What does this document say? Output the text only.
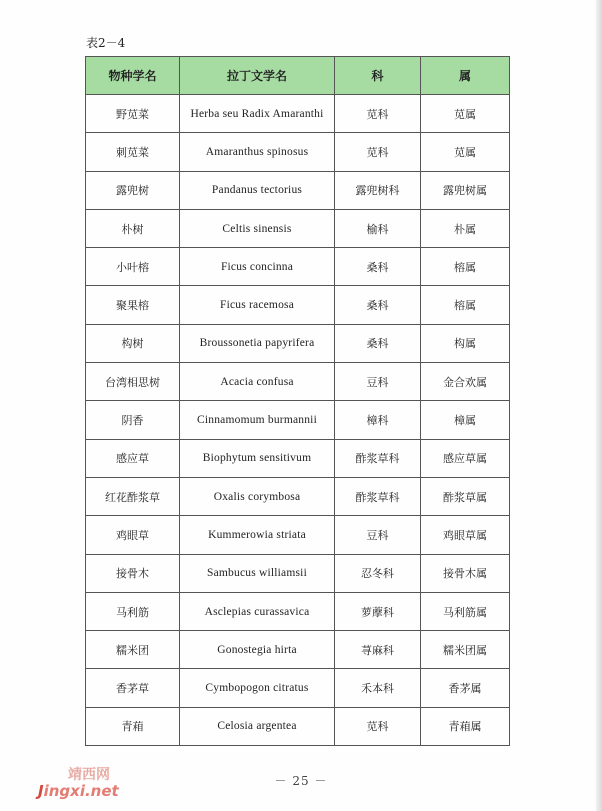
表2－4
物种学名	拉丁文学名	科	属
野苋菜	Herba seu Radix Amaranthi	苋科	苋属
刺苋菜	Amaranthus spinosus	苋科	苋属
露兜树	Pandanus tectorius	露兜树科	露兜树属
朴树	Celtis sinensis	榆科	朴属
小叶榕	Ficus concinna	桑科	榕属
聚果榕	Ficus racemosa	桑科	榕属
构树	Broussonetia papyrifera	桑科	构属
台湾相思树	Acacia confusa	豆科	金合欢属
阴香	Cinnamomum burmannii	樟科	樟属
感应草	Biophytum sensitivum	酢浆草科	感应草属
红花酢浆草	Oxalis corymbosa	酢浆草科	酢浆草属
鸡眼草	Kummerowia striata	豆科	鸡眼草属
接骨木	Sambucus williamsii	忍冬科	接骨木属
马利筋	Asclepias curassavica	萝藦科	马利筋属
糯米团	Gonostegia hirta	荨麻科	糯米团属
香茅草	Cymbopogon citratus	禾本科	香茅属
青葙	Celosia argentea	苋科	青葙属
－ 25 －
靖西网
Jingxi.net
